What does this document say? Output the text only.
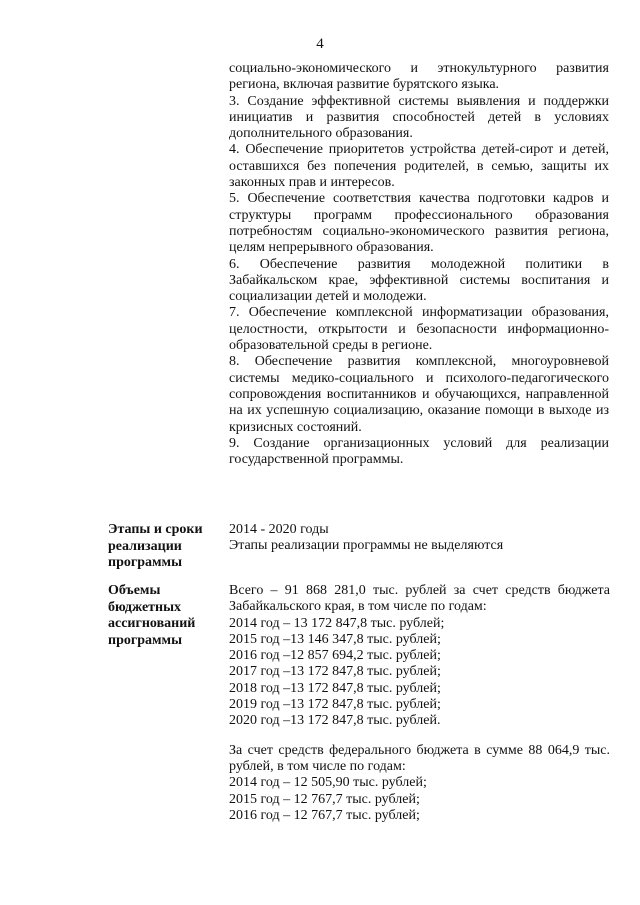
4

социально-экономического и этнокультурного развития региона, включая развитие бурятского языка.

3. Создание эффективной системы выявления и поддержки инициатив и развития способностей детей в условиях дополнительного образования.

4. Обеспечение приоритетов устройства детей-сирот и детей, оставшихся без попечения родителей, в семью, защиты их законных прав и интересов.

5. Обеспечение соответствия качества подготовки кадров и структуры программ профессионального образования потребностям социально-экономического развития региона, целям непрерывного образования.

6. Обеспечение развития молодежной политики в Забайкальском крае, эффективной системы воспитания и социализации детей и молодежи.

7. Обеспечение комплексной информатизации образования, целостности, открытости и безопасности информационно-образовательной среды в регионе.

8. Обеспечение развития комплексной, многоуровневой системы медико-социального и психолого-педагогического сопровождения воспитанников и обучающихся, направленной на их успешную социализацию, оказание помощи в выходе из кризисных состояний.

9. Создание организационных условий для реализации государственной программы.

Этапы и сроки реализации программы

2014 - 2020 годы

Этапы реализации программы не выделяются

Объемы бюджетных ассигнований программы

Всего – 91 868 281,0 тыс. рублей за счет средств бюджета Забайкальского края, в том числе по годам:

2014 год – 13 172 847,8 тыс. рублей;

2015 год –13 146 347,8 тыс. рублей;

2016 год –12 857 694,2 тыс. рублей;

2017 год –13 172 847,8 тыс. рублей;

2018 год –13 172 847,8 тыс. рублей;

2019 год –13 172 847,8 тыс. рублей;

2020 год –13 172 847,8 тыс. рублей.

За счет средств федерального бюджета в сумме 88 064,9 тыс. рублей, в том числе по годам:

2014 год – 12 505,90 тыс. рублей;

2015 год – 12 767,7 тыс. рублей;

2016 год – 12 767,7 тыс. рублей;
